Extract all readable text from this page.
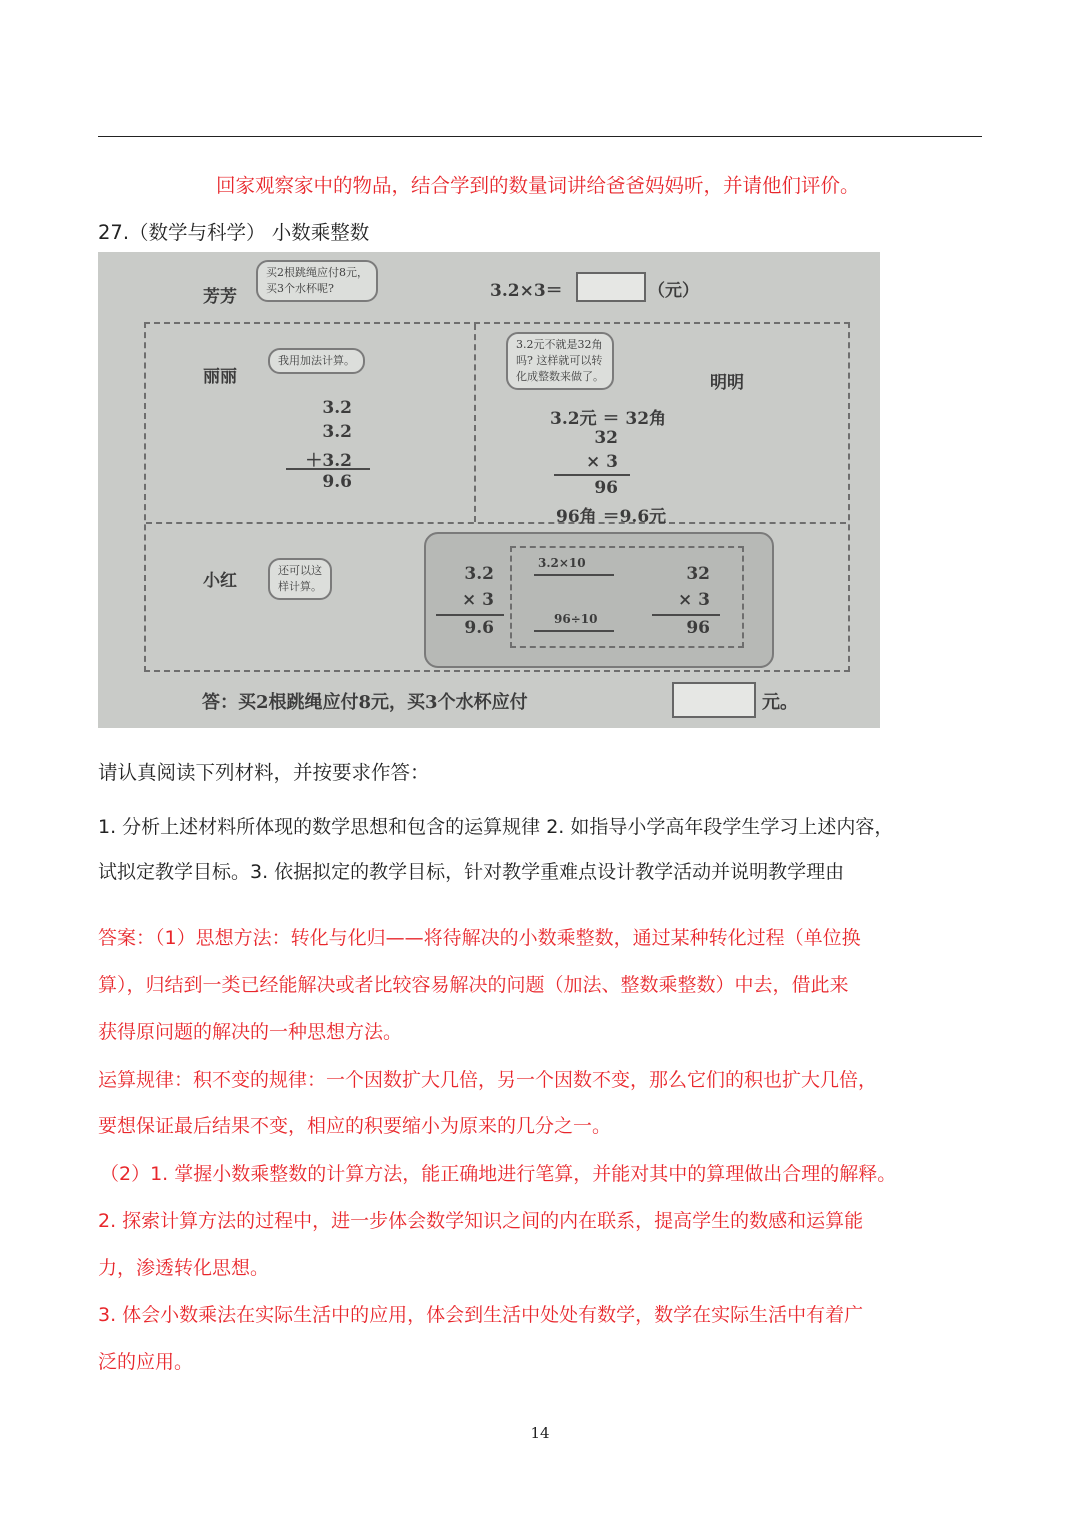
回家观察家中的物品，结合学到的数量词讲给爸爸妈妈听，并请他们评价。

27.（数学与科学） 小数乘整数

芳芳
买2根跳绳应付8元，
买3个水杯呢?	3.2×3＝	（元）
丽丽
我用加法计算。
3.2
3.2
＋3.2
9.6
3.2元不就是32角
吗? 这样就可以转
化成整数来做了。	明明
3.2元 ＝ 32角
32
× 3
96
96角 ＝9.6元
小红
还可以这
样计算。
3.2
× 3
9.6
3.2×10
96÷10
32
× 3
96
答：买2根跳绳应付8元，买3个水杯应付	元。

请认真阅读下列材料，并按要求作答：

1. 分析上述材料所体现的数学思想和包含的运算规律 2. 如指导小学高年段学生学习上述内容，

试拟定教学目标。3. 依据拟定的教学目标，针对教学重难点设计教学活动并说明教学理由

答案：（1）思想方法：转化与化归——将待解决的小数乘整数，通过某种转化过程（单位换

算），归结到一类已经能解决或者比较容易解决的问题（加法、整数乘整数）中去，借此来

获得原问题的解决的一种思想方法。

运算规律：积不变的规律：一个因数扩大几倍，另一个因数不变，那么它们的积也扩大几倍，

要想保证最后结果不变，相应的积要缩小为原来的几分之一。

（2）1. 掌握小数乘整数的计算方法，能正确地进行笔算，并能对其中的算理做出合理的解释。

2. 探索计算方法的过程中，进一步体会数学知识之间的内在联系，提高学生的数感和运算能

力，渗透转化思想。

3. 体会小数乘法在实际生活中的应用，体会到生活中处处有数学，数学在实际生活中有着广

泛的应用。

14
